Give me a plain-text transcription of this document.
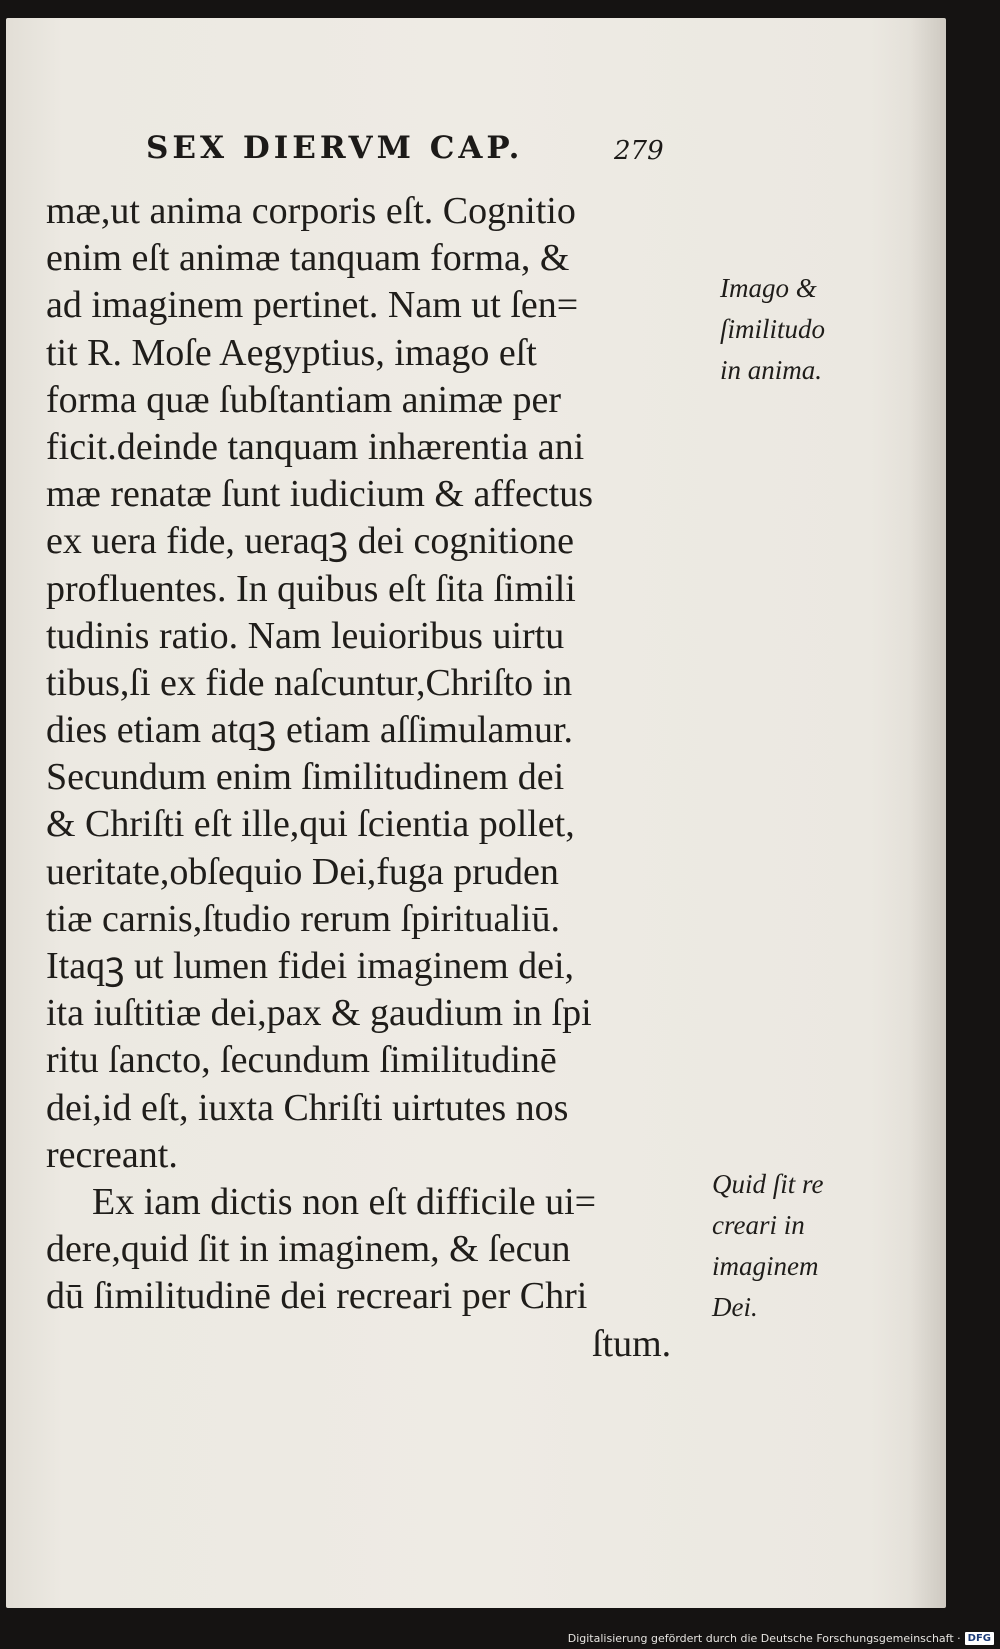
SEX DIERVM CAP.	279
mæ,ut anima corporis eſt. Cognitio
enim eſt animæ tanquam forma, &
ad imaginem pertinet. Nam ut ſen=
tit R. Moſe Aegyptius, imago eſt
forma quæ ſubſtantiam animæ per
ficit.deinde tanquam inhærentia ani
mæ renatæ ſunt iudicium & affectus
ex uera fide, ueraqꝫ dei cognitione
profluentes. In quibus eſt ſita ſimili
tudinis ratio. Nam leuioribus uirtu
tibus,ſi ex fide naſcuntur,Chriſto in
dies etiam atqꝫ etiam aſſimulamur.
Secundum enim ſimilitudinem dei
& Chriſti eſt ille,qui ſcientia pollet,
ueritate,obſequio Dei,fuga pruden
tiæ carnis,ſtudio rerum ſpiritualiū.
Itaqꝫ ut lumen fidei imaginem dei,
ita iuſtitiæ dei,pax & gaudium in ſpi
ritu ſancto, ſecundum ſimilitudinē
dei,id eſt, iuxta Chriſti uirtutes nos
recreant.
Ex iam dictis non eſt difficile ui=
dere,quid ſit in imaginem, & ſecun
dū ſimilitudinē dei recreari per Chri
ſtum.
Imago &
ſimilitudo
in anima.
Quid ſit re
creari in
imaginem
Dei.
Digitalisierung gefördert durch die Deutsche Forschungsgemeinschaft · DFG
